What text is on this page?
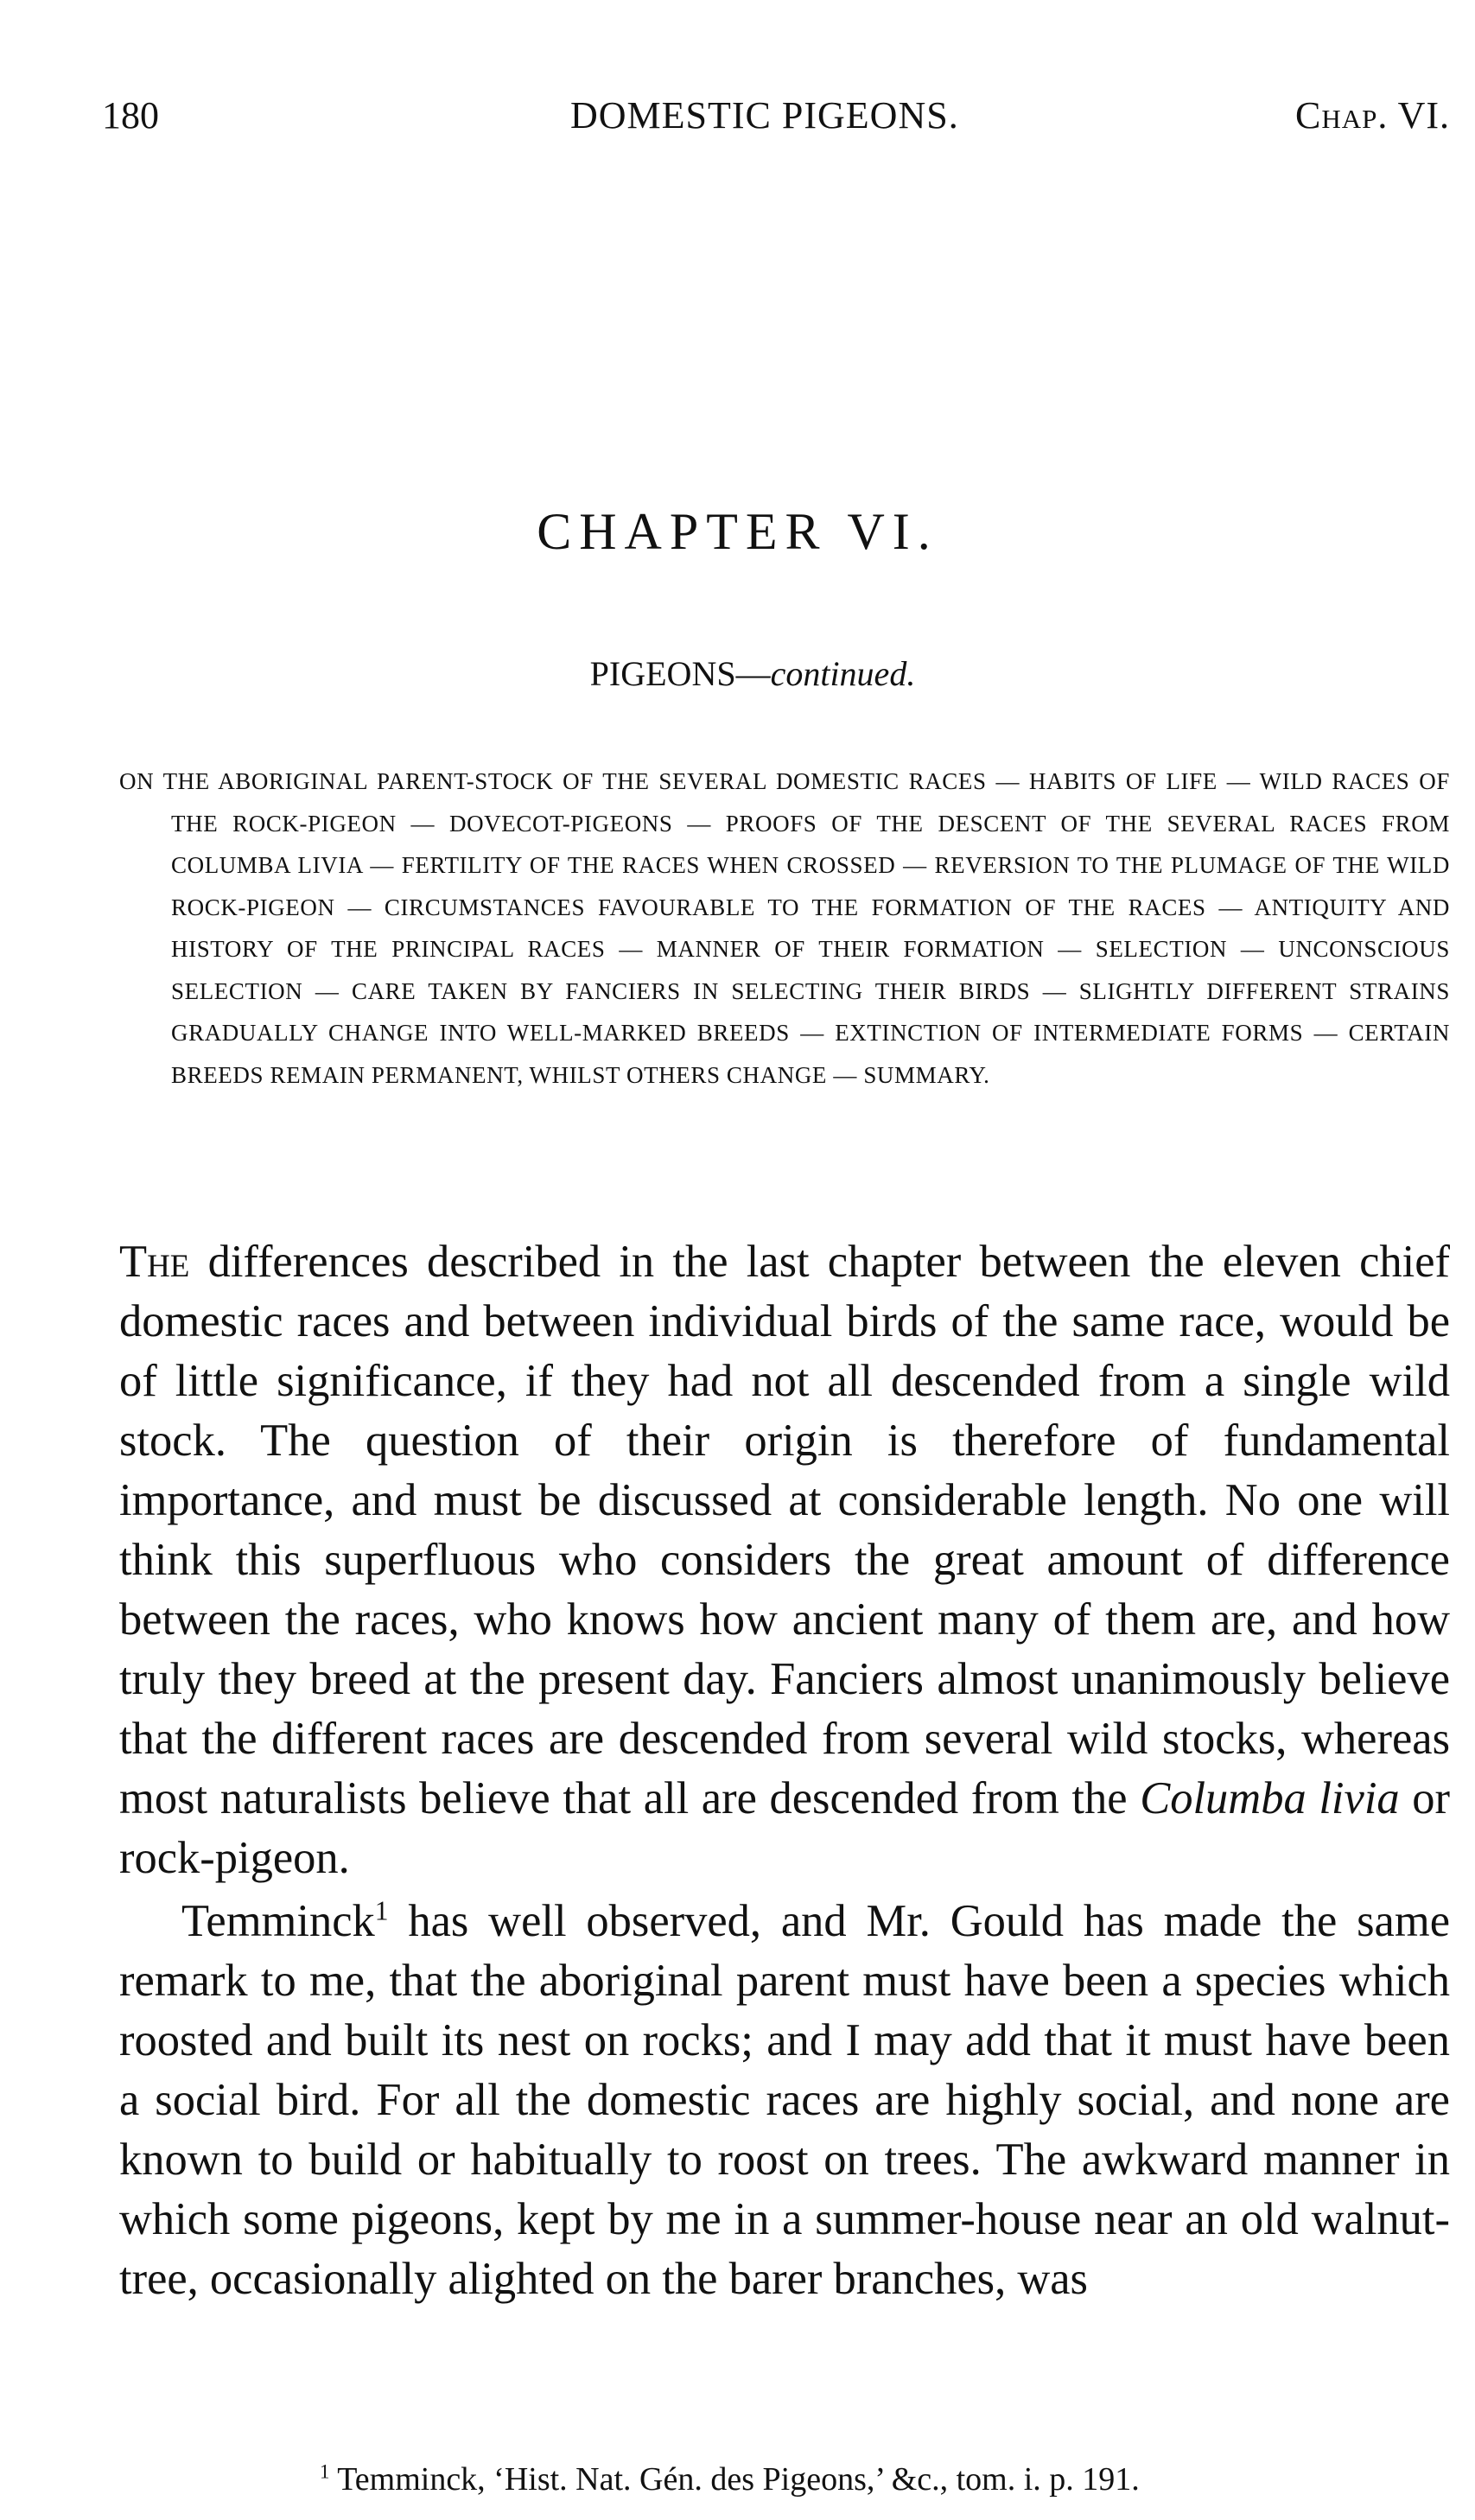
180	DOMESTIC PIGEONS.	Chap. VI.
CHAPTER VI.
PIGEONS—continued.
ON THE ABORIGINAL PARENT-STOCK OF THE SEVERAL DOMESTIC RACES — HABITS OF LIFE — WILD RACES OF THE ROCK-PIGEON — DOVECOT-PIGEONS — PROOFS OF THE DESCENT OF THE SEVERAL RACES FROM COLUMBA LIVIA — FERTILITY OF THE RACES WHEN CROSSED — REVERSION TO THE PLUMAGE OF THE WILD ROCK-PIGEON — CIRCUMSTANCES FAVOURABLE TO THE FORMATION OF THE RACES — ANTIQUITY AND HISTORY OF THE PRINCIPAL RACES — MANNER OF THEIR FORMATION — SELECTION — UNCONSCIOUS SELECTION — CARE TAKEN BY FANCIERS IN SELECTING THEIR BIRDS — SLIGHTLY DIFFERENT STRAINS GRADUALLY CHANGE INTO WELL-MARKED BREEDS — EXTINCTION OF INTERMEDIATE FORMS — CERTAIN BREEDS REMAIN PERMANENT, WHILST OTHERS CHANGE — SUMMARY.

The differences described in the last chapter between the eleven chief domestic races and between individual birds of the same race, would be of little significance, if they had not all descended from a single wild stock. The question of their origin is therefore of fundamental importance, and must be discussed at considerable length. No one will think this superfluous who considers the great amount of difference between the races, who knows how ancient many of them are, and how truly they breed at the present day. Fanciers almost unanimously believe that the different races are descended from several wild stocks, whereas most naturalists believe that all are descended from the Columba livia or rock-pigeon.

Temminck$^1$ has well observed, and Mr. Gould has made the same remark to me, that the aboriginal parent must have been a species which roosted and built its nest on rocks; and I may add that it must have been a social bird. For all the domestic races are highly social, and none are known to build or habitually to roost on trees. The awkward manner in which some pigeons, kept by me in a summer-house near an old walnut-tree, occasionally alighted on the barer branches, was

$^1$ Temminck, ‘Hist. Nat. Gén. des Pigeons,’ &c., tom. i. p. 191.
